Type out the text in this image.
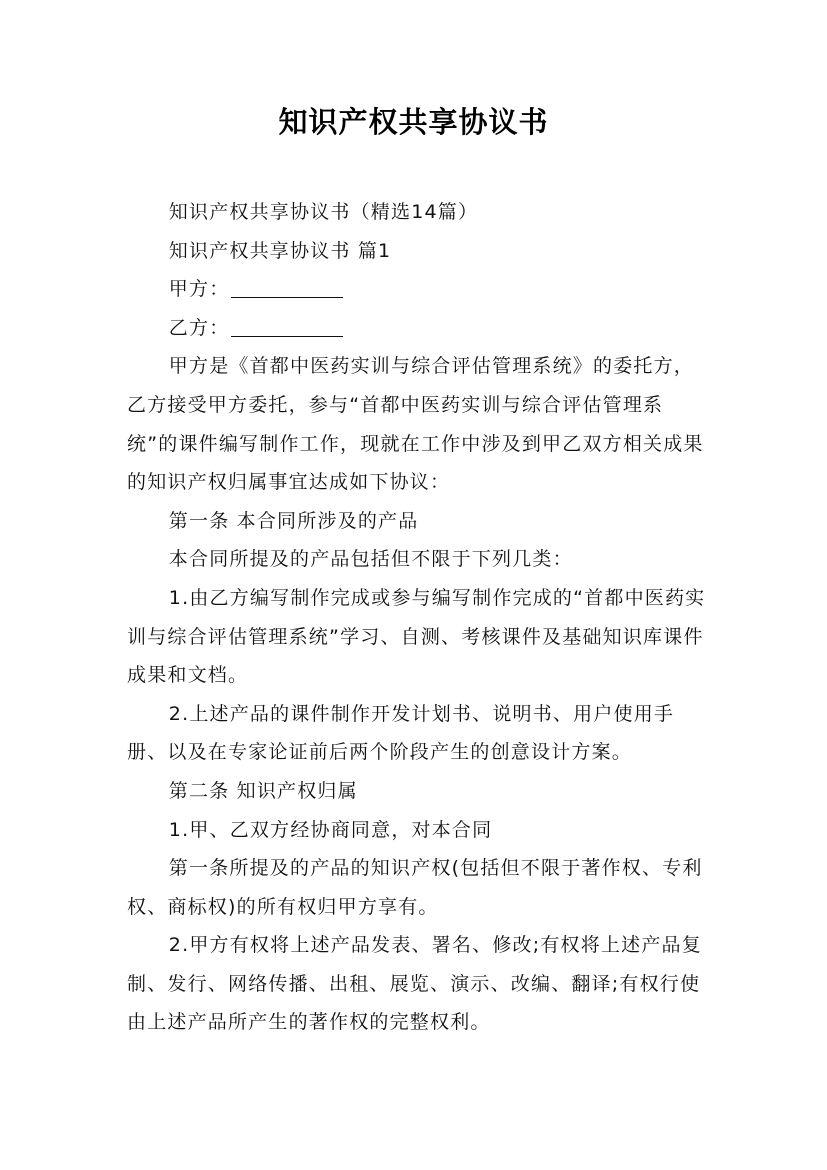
知识产权共享协议书

知识产权共享协议书（精选14篇）

知识产权共享协议书 篇1

甲方：

乙方：

甲方是《首都中医药实训与综合评估管理系统》的委托方，乙方接受甲方委托，参与“首都中医药实训与综合评估管理系统”的课件编写制作工作，现就在工作中涉及到甲乙双方相关成果的知识产权归属事宜达成如下协议：

第一条 本合同所涉及的产品

本合同所提及的产品包括但不限于下列几类：

1.由乙方编写制作完成或参与编写制作完成的“首都中医药实训与综合评估管理系统”学习、自测、考核课件及基础知识库课件成果和文档。

2.上述产品的课件制作开发计划书、说明书、用户使用手册、以及在专家论证前后两个阶段产生的创意设计方案。

第二条 知识产权归属

1.甲、乙双方经协商同意，对本合同

第一条所提及的产品的知识产权(包括但不限于著作权、专利权、商标权)的所有权归甲方享有。

2.甲方有权将上述产品发表、署名、修改;有权将上述产品复制、发行、网络传播、出租、展览、演示、改编、翻译;有权行使由上述产品所产生的著作权的完整权利。
